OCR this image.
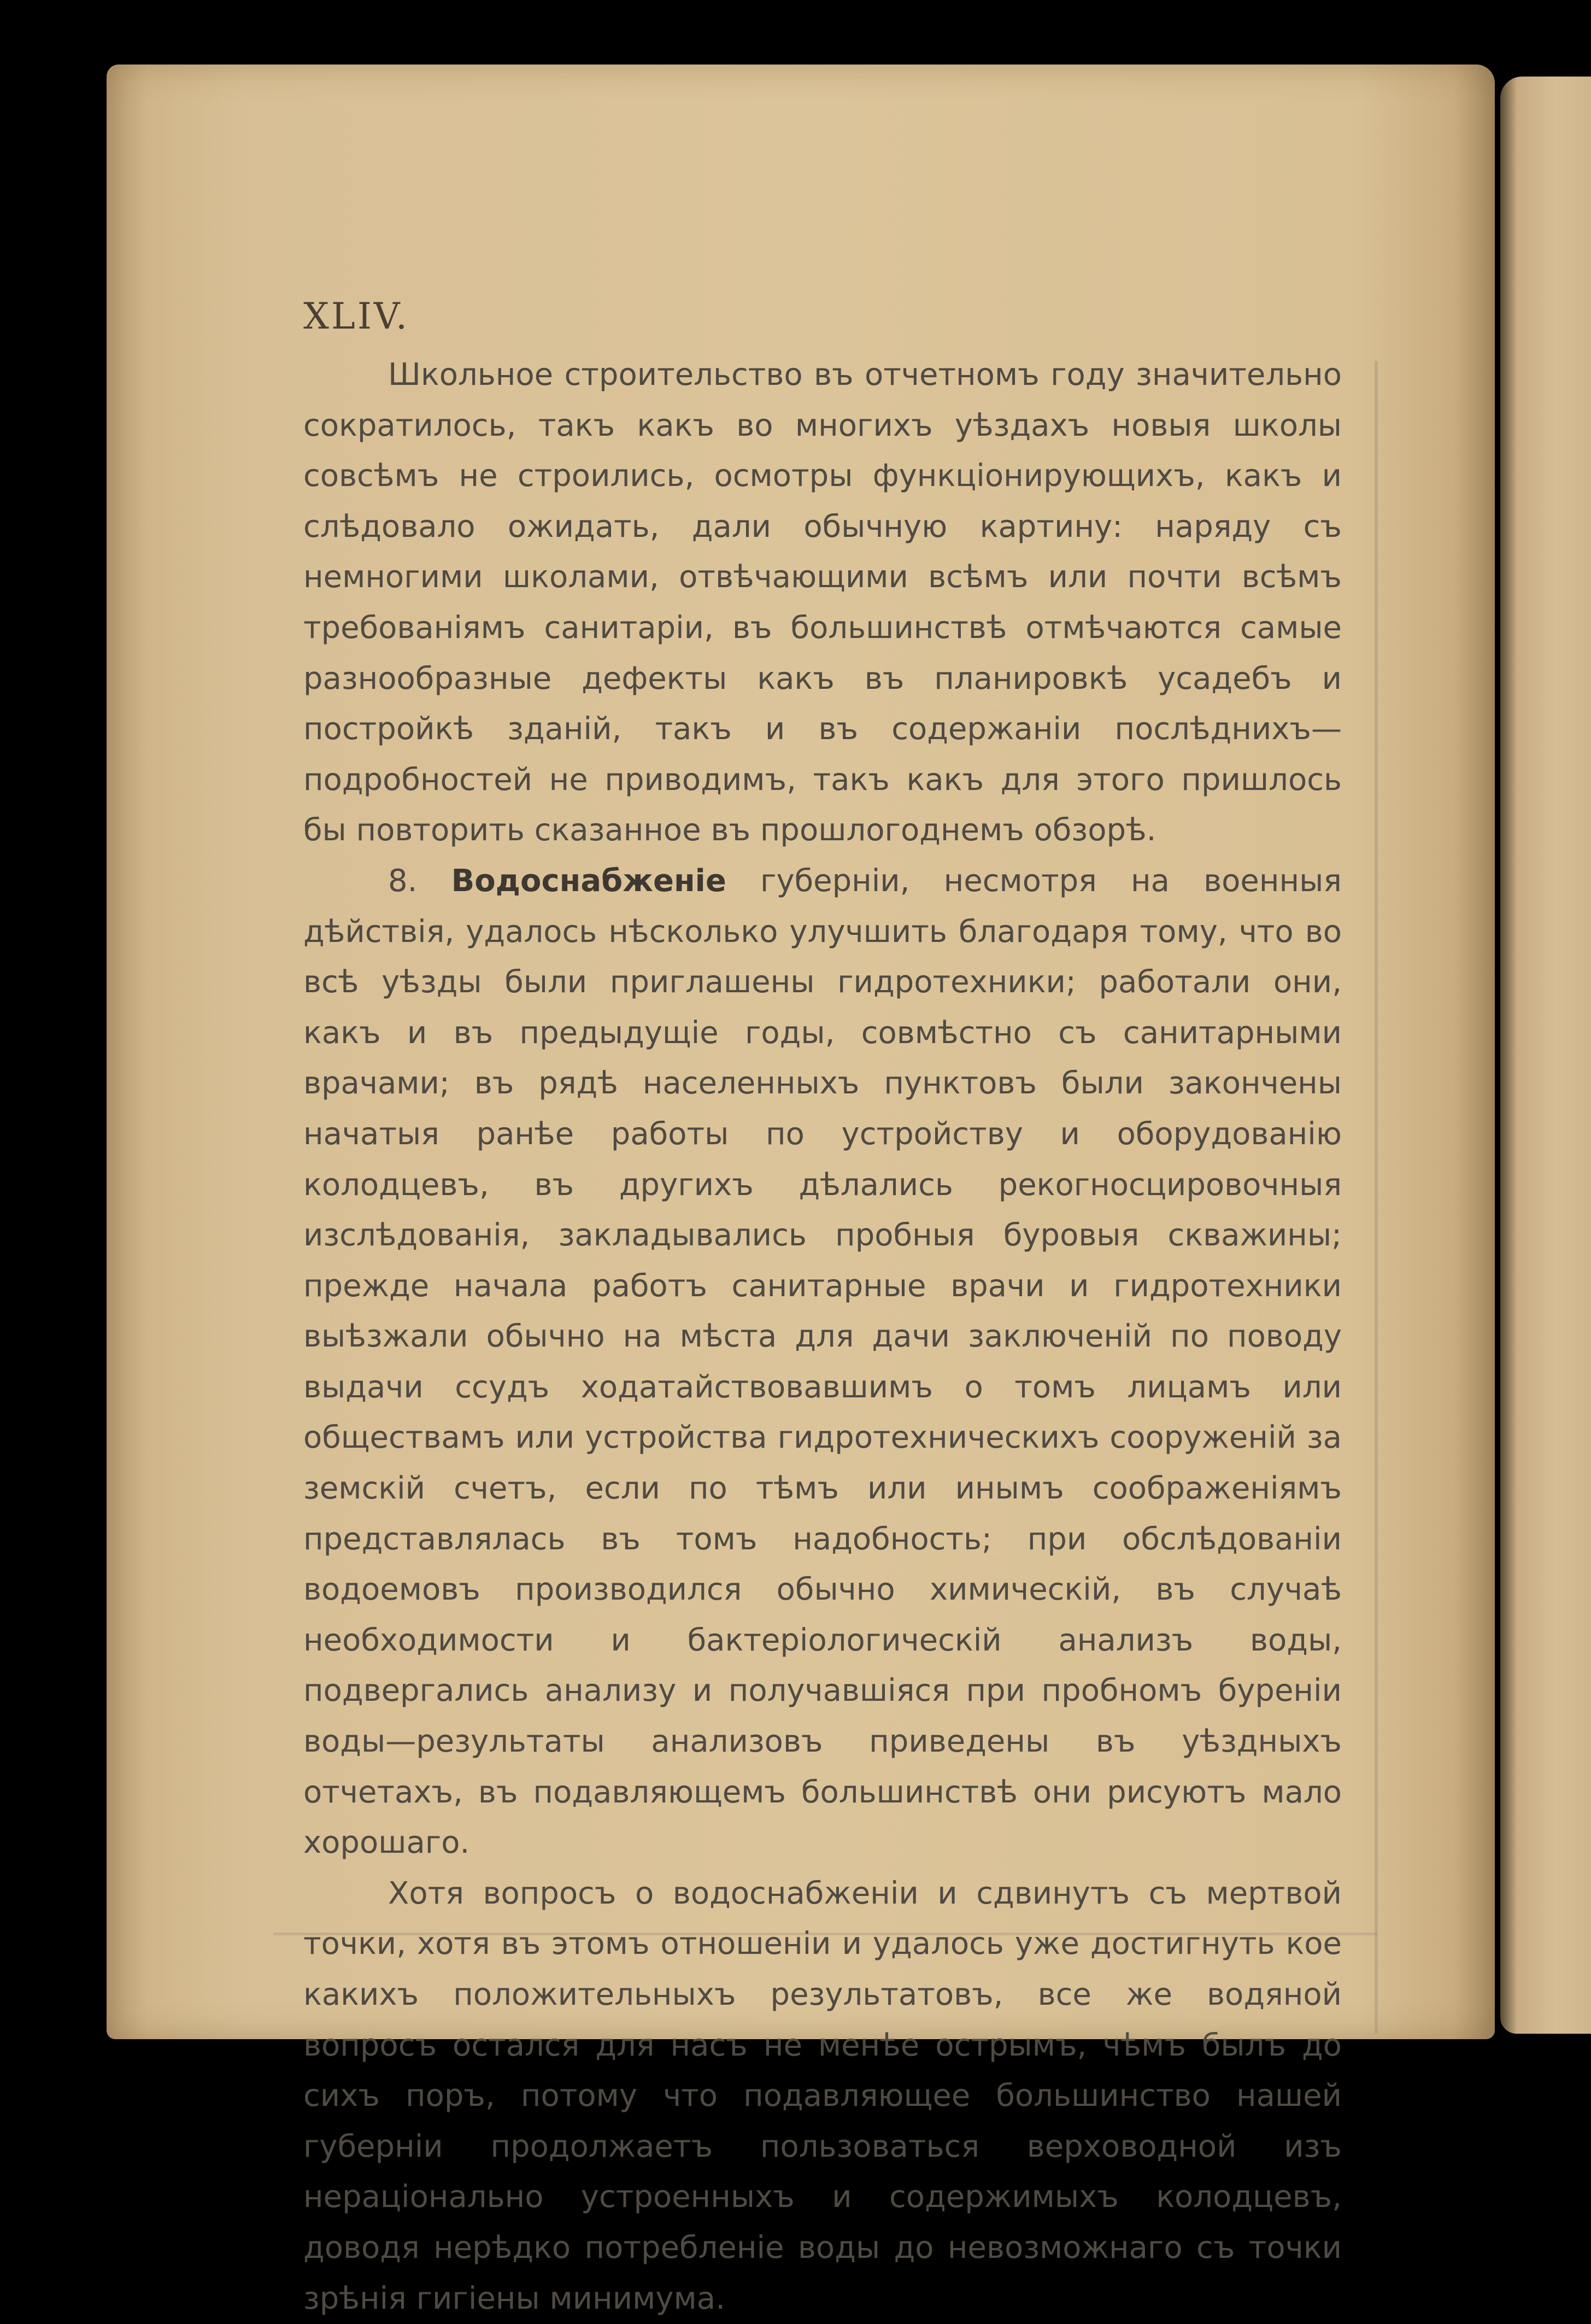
XLIV.

Школьное строительство въ отчетномъ году значительно сократилось, такъ какъ во многихъ уѣздахъ новыя школы совсѣмъ не строились, осмотры функціонирующихъ, какъ и слѣдовало ожидать, дали обычную картину: наряду съ немногими школами, отвѣчающими всѣмъ или почти всѣмъ требованіямъ санитаріи, въ большинствѣ отмѣчаются самые разнообразные дефекты какъ въ планировкѣ усадебъ и постройкѣ зданій, такъ и въ содержаніи послѣднихъ—подробностей не приводимъ, такъ какъ для этого пришлось бы повторить сказанное въ прошлогоднемъ обзорѣ.

8. Водоснабженіе губерніи, несмотря на военныя дѣйствія, удалось нѣсколько улучшить благодаря тому, что во всѣ уѣзды были приглашены гидротехники; работали они, какъ и въ предыдущіе годы, совмѣстно съ санитарными врачами; въ рядѣ населенныхъ пунктовъ были закончены начатыя ранѣе работы по устройству и оборудованію колодцевъ, въ другихъ дѣлались рекогносцировочныя изслѣдованія, закладывались пробныя буровыя скважины; прежде начала работъ санитарные врачи и гидротехники выѣзжали обычно на мѣста для дачи заключеній по поводу выдачи ссудъ ходатайствовавшимъ о томъ лицамъ или обществамъ или устройства гидротехническихъ сооруженій за земскій счетъ, если по тѣмъ или инымъ соображеніямъ представлялась въ томъ надобность; при обслѣдованіи водоемовъ производился обычно химическій, въ случаѣ необходимости и бактеріологическій анализъ воды, подвергались анализу и получавшіяся при пробномъ буреніи воды—результаты анализовъ приведены въ уѣздныхъ отчетахъ, въ подавляющемъ большинствѣ они рисуютъ мало хорошаго.

Хотя вопросъ о водоснабженіи и сдвинутъ съ мертвой точки, хотя въ этомъ отношеніи и удалось уже достигнуть кое какихъ положительныхъ результатовъ, все же водяной вопросъ остался для насъ не менѣе острымъ, чѣмъ былъ до сихъ поръ, потому что подавляющее большинство нашей губерніи продолжаетъ пользоваться верховодной изъ нераціонально устроенныхъ и содержимыхъ колодцевъ, доводя нерѣдко потребленіе воды до невозможнаго съ точки зрѣнія гигіены минимума.
